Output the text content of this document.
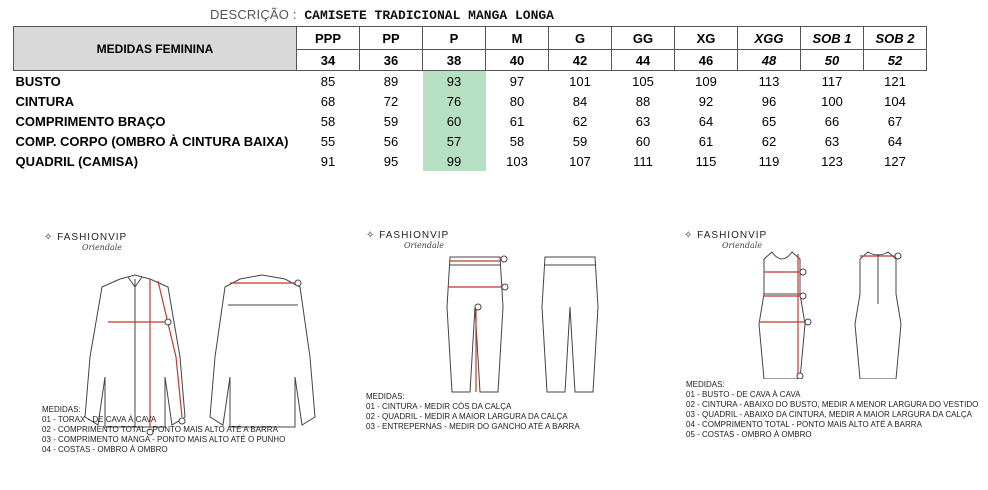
DESCRIÇÃO : CAMISETE TRADICIONAL MANGA LONGA
MEDIDAS FEMININA	PPP	PP	P	M	G	GG	XG	XGG	SOB 1	SOB 2
	34	36	38	40	42	44	46	48	50	52
BUSTO	85	89	93	97	101	105	109	113	117	121
CINTURA	68	72	76	80	84	88	92	96	100	104
COMPRIMENTO BRAÇO	58	59	60	61	62	63	64	65	66	67
COMP. CORPO (OMBRO À CINTURA BAIXA)	55	56	57	58	59	60	61	62	63	64
QUADRIL (CAMISA)	91	95	99	103	107	111	115	119	123	127
✧ FASHIONVIP
Oriendale
MEDIDAS:
01 - TORAX - DE CAVA À CAVA
02 - COMPRIMENTO TOTAL - PONTO MAIS ALTO ATÉ A BARRA
03 - COMPRIMENTO MANGA - PONTO MAIS ALTO ATÉ O PUNHO
04 - COSTAS - OMBRO À OMBRO
✧ FASHIONVIP
Oriendale
MEDIDAS:
01 - CINTURA - MEDIR CÓS DA CALÇA
02 - QUADRIL - MEDIR A MAIOR LARGURA DA CALÇA
03 - ENTREPERNAS - MEDIR DO GANCHO ATÉ A BARRA
✧ FASHIONVIP
Oriendale
MEDIDAS:
01 - BUSTO - DE CAVA À CAVA
02 - CINTURA - ABAIXO DO BUSTO, MEDIR A MENOR LARGURA DO VESTIDO
03 - QUADRIL - ABAIXO DA CINTURA, MEDIR A MAIOR LARGURA DA CALÇA
04 - COMPRIMENTO TOTAL - PONTO MAIS ALTO ATÉ A BARRA
05 - COSTAS - OMBRO À OMBRO
